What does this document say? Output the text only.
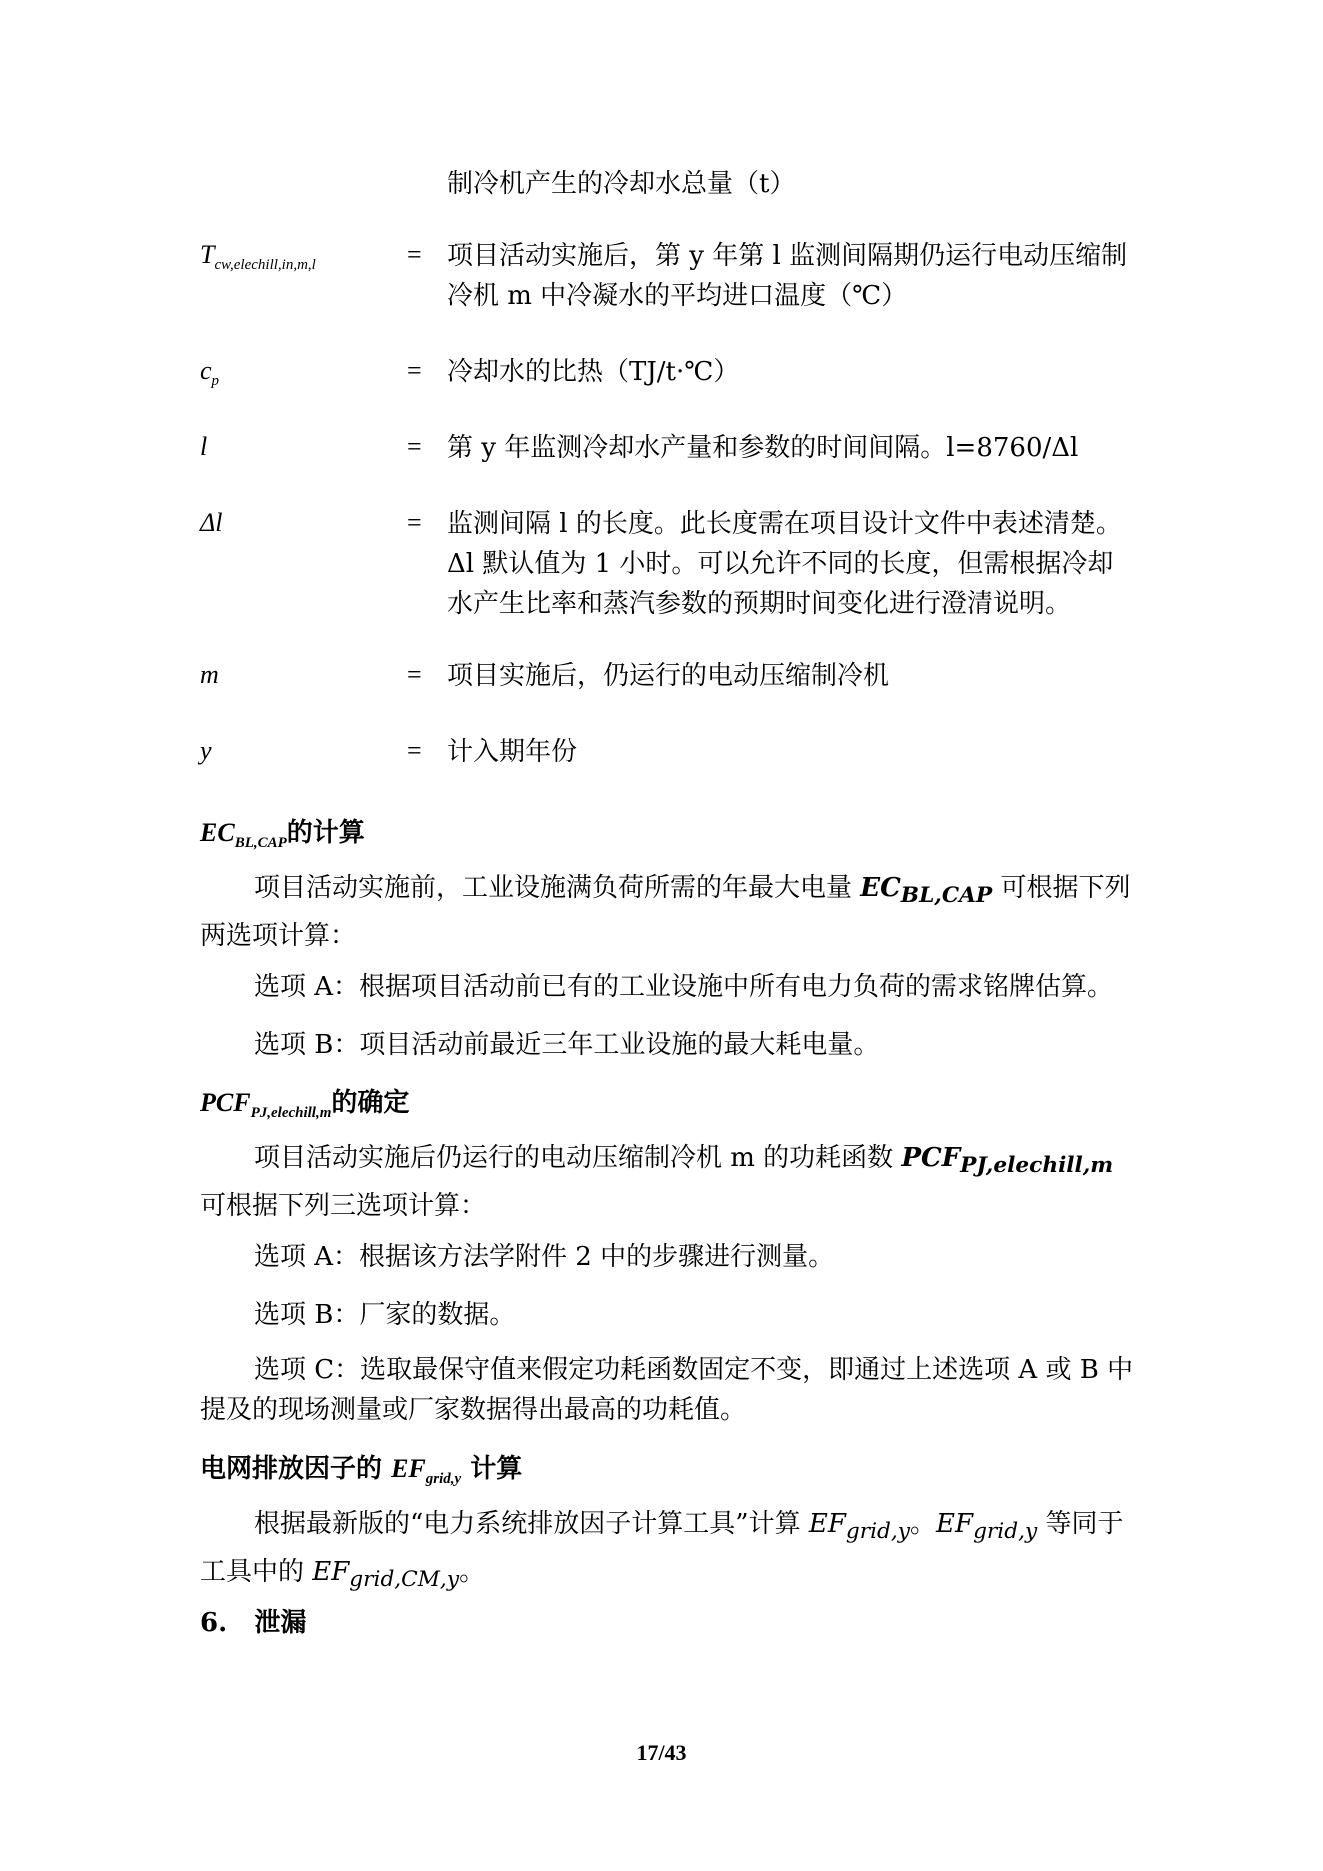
制冷机产生的冷却水总量（t）
$T_{cw,elechill,in,m,l}$	= 项目活动实施后，第 y 年第 l 监测间隔期仍运行电动压缩制冷机 m 中冷凝水的平均进口温度（℃）
$c_p$	= 冷却水的比热（TJ/t·℃）
l	= 第 y 年监测冷却水产量和参数的时间间隔。l=8760/Δl
Δl	= 监测间隔 l 的长度。此长度需在项目设计文件中表述清楚。Δl 默认值为 1 小时。可以允许不同的长度，但需根据冷却水产生比率和蒸汽参数的预期时间变化进行澄清说明。
m	= 项目实施后，仍运行的电动压缩制冷机
y	= 计入期年份
$EC_{BL,CAP}$的计算
项目活动实施前，工业设施满负荷所需的年最大电量 $EC_{BL,CAP}$ 可根据下列两选项计算：
选项 A：根据项目活动前已有的工业设施中所有电力负荷的需求铭牌估算。
选项 B：项目活动前最近三年工业设施的最大耗电量。
$PCF_{PJ,elechill,m}$的确定
项目活动实施后仍运行的电动压缩制冷机 m 的功耗函数 $PCF_{PJ,elechill,m}$ 可根据下列三选项计算：
选项 A：根据该方法学附件 2 中的步骤进行测量。
选项 B：厂家的数据。
选项 C：选取最保守值来假定功耗函数固定不变，即通过上述选项 A 或 B 中提及的现场测量或厂家数据得出最高的功耗值。
电网排放因子的 $EF_{grid,y}$ 计算
根据最新版的“电力系统排放因子计算工具”计算 $EF_{grid,y}$。$EF_{grid,y}$ 等同于工具中的 $EF_{grid,CM,y}$。
6. 泄漏
17/43
